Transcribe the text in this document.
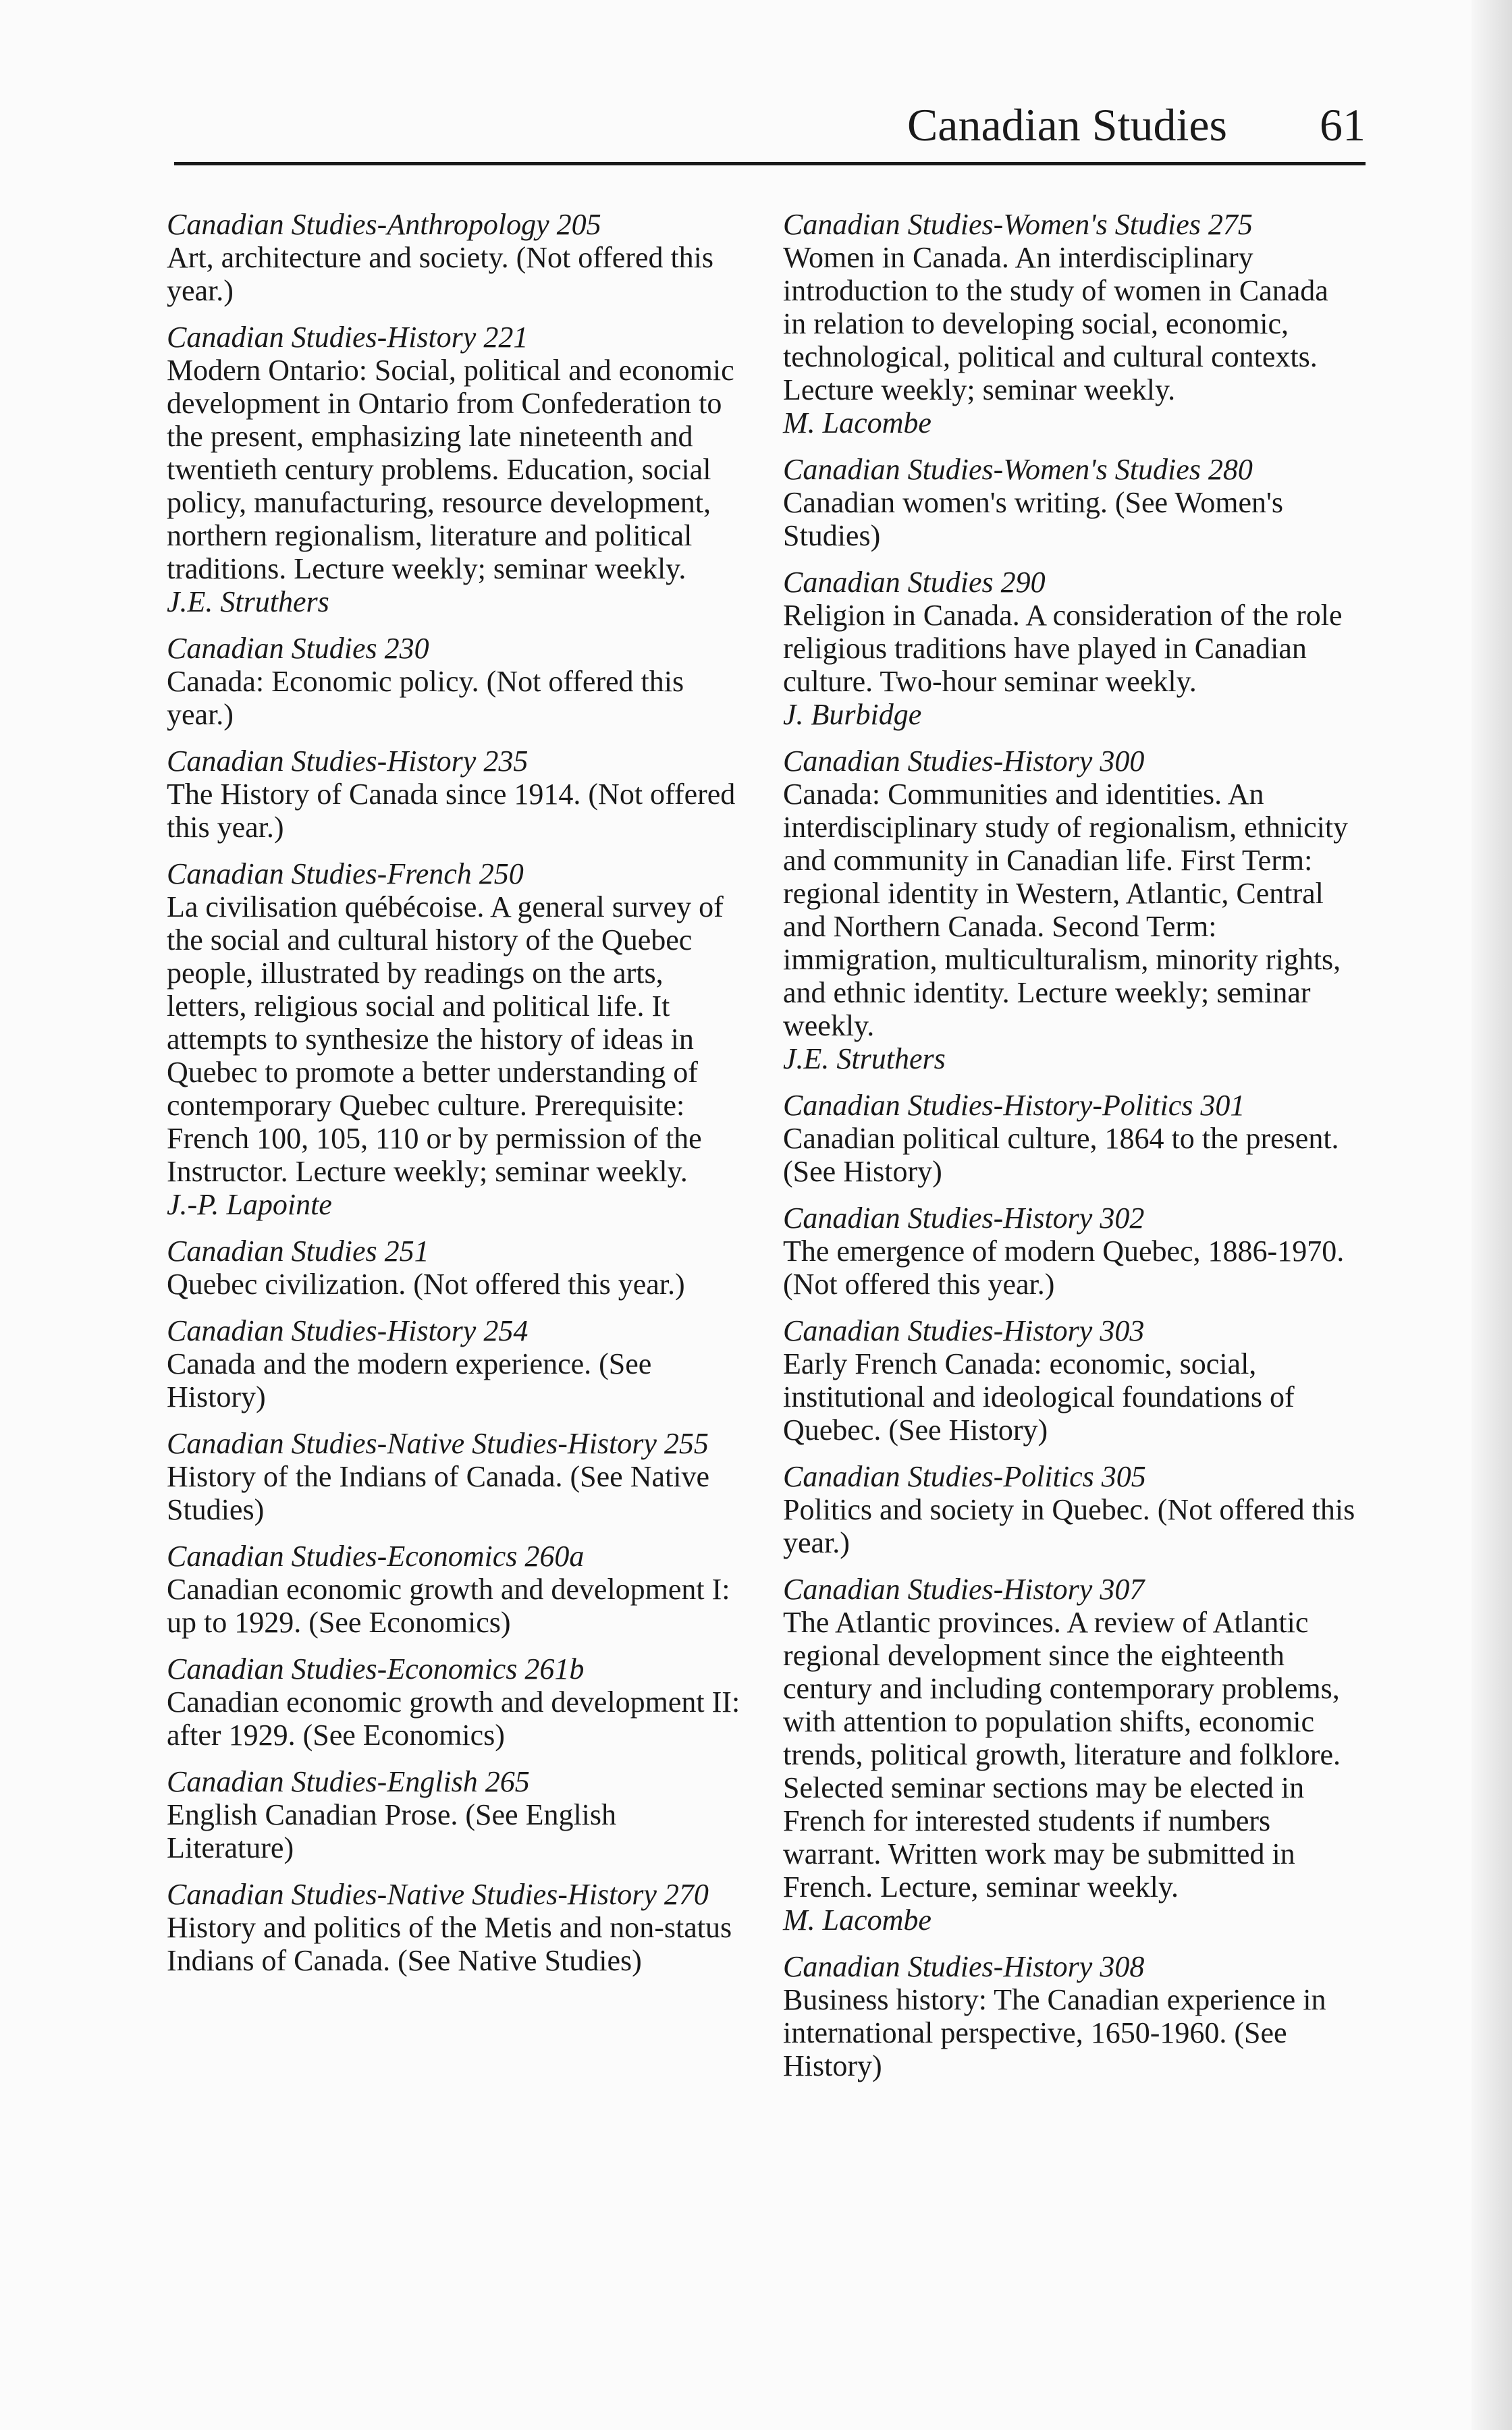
Canadian Studies 61
Canadian Studies-Anthropology 205
Art, architecture and society. (Not offered this year.)
Canadian Studies-History 221
Modern Ontario: Social, political and economic development in Ontario from Confederation to the present, emphasizing late nineteenth and twentieth century problems. Education, social policy, manufacturing, resource development, northern regionalism, literature and political traditions. Lecture weekly; seminar weekly.
J.E. Struthers
Canadian Studies 230
Canada: Economic policy. (Not offered this year.)
Canadian Studies-History 235
The History of Canada since 1914. (Not offered this year.)
Canadian Studies-French 250
La civilisation québécoise. A general survey of the social and cultural history of the Quebec people, illustrated by readings on the arts, letters, religious social and political life. It attempts to synthesize the history of ideas in Quebec to promote a better understanding of contemporary Quebec culture. Prerequisite: French 100, 105, 110 or by permission of the Instructor. Lecture weekly; seminar weekly.
J.-P. Lapointe
Canadian Studies 251
Quebec civilization. (Not offered this year.)
Canadian Studies-History 254
Canada and the modern experience. (See History)
Canadian Studies-Native Studies-History 255
History of the Indians of Canada. (See Native Studies)
Canadian Studies-Economics 260a
Canadian economic growth and development I: up to 1929. (See Economics)
Canadian Studies-Economics 261b
Canadian economic growth and development II: after 1929. (See Economics)
Canadian Studies-English 265
English Canadian Prose. (See English Literature)
Canadian Studies-Native Studies-History 270
History and politics of the Metis and non-status Indians of Canada. (See Native Studies)
Canadian Studies-Women's Studies 275
Women in Canada. An interdisciplinary introduction to the study of women in Canada in relation to developing social, economic, technological, political and cultural contexts. Lecture weekly; seminar weekly.
M. Lacombe
Canadian Studies-Women's Studies 280
Canadian women's writing. (See Women's Studies)
Canadian Studies 290
Religion in Canada. A consideration of the role religious traditions have played in Canadian culture. Two-hour seminar weekly.
J. Burbidge
Canadian Studies-History 300
Canada: Communities and identities. An interdisciplinary study of regionalism, ethnicity and community in Canadian life. First Term: regional identity in Western, Atlantic, Central and Northern Canada. Second Term: immigration, multiculturalism, minority rights, and ethnic identity. Lecture weekly; seminar weekly.
J.E. Struthers
Canadian Studies-History-Politics 301
Canadian political culture, 1864 to the present. (See History)
Canadian Studies-History 302
The emergence of modern Quebec, 1886-1970. (Not offered this year.)
Canadian Studies-History 303
Early French Canada: economic, social, institutional and ideological foundations of Quebec. (See History)
Canadian Studies-Politics 305
Politics and society in Quebec. (Not offered this year.)
Canadian Studies-History 307
The Atlantic provinces. A review of Atlantic regional development since the eighteenth century and including contemporary problems, with attention to population shifts, economic trends, political growth, literature and folklore. Selected seminar sections may be elected in French for interested students if numbers warrant. Written work may be submitted in French. Lecture, seminar weekly.
M. Lacombe
Canadian Studies-History 308
Business history: The Canadian experience in international perspective, 1650-1960. (See History)
